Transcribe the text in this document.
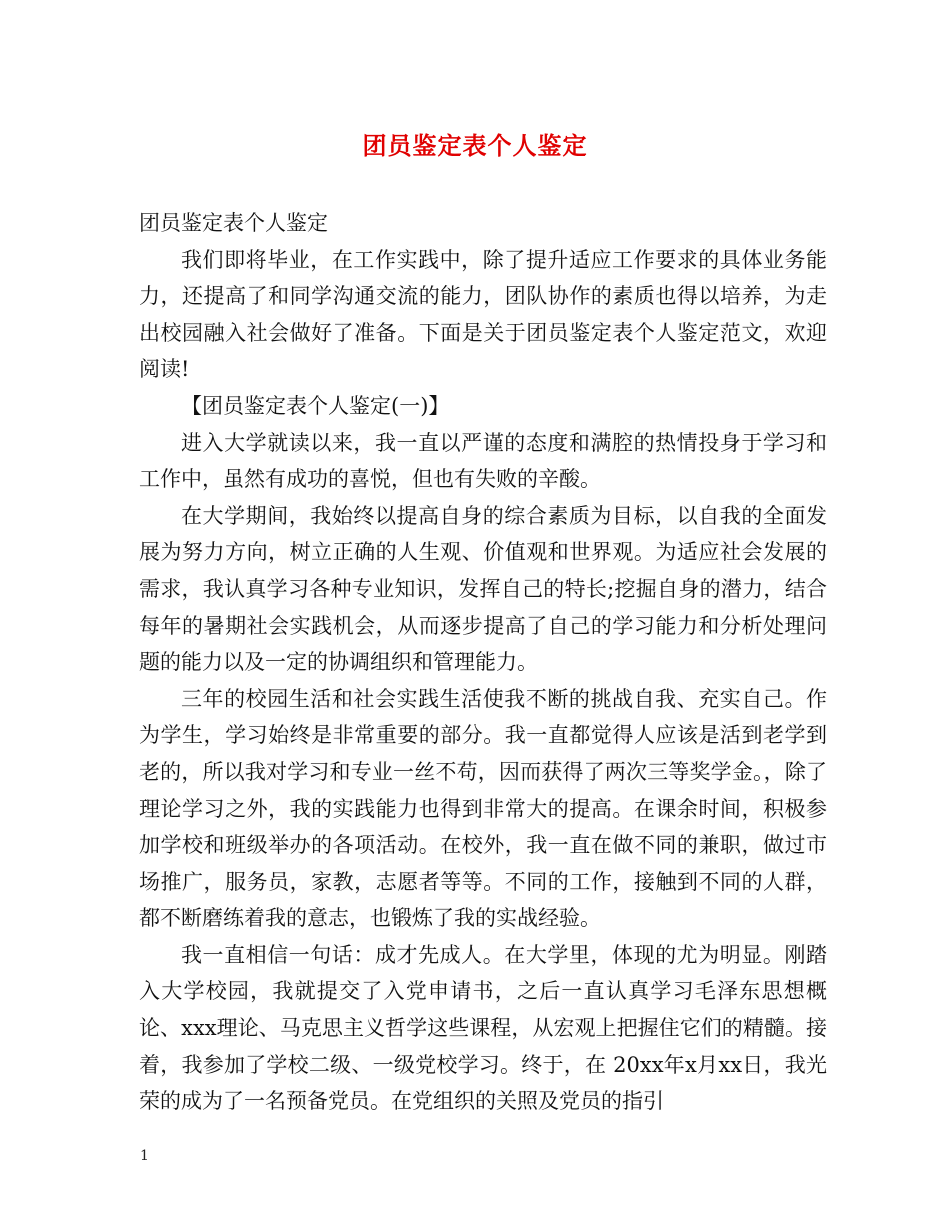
团员鉴定表个人鉴定

团员鉴定表个人鉴定

我们即将毕业，在工作实践中，除了提升适应工作要求的具体业务能力，还提高了和同学沟通交流的能力，团队协作的素质也得以培养，为走出校园融入社会做好了准备。下面是关于团员鉴定表个人鉴定范文，欢迎阅读!

【团员鉴定表个人鉴定(一)】

进入大学就读以来，我一直以严谨的态度和满腔的热情投身于学习和工作中，虽然有成功的喜悦，但也有失败的辛酸。

在大学期间，我始终以提高自身的综合素质为目标，以自我的全面发展为努力方向，树立正确的人生观、价值观和世界观。为适应社会发展的需求，我认真学习各种专业知识，发挥自己的特长;挖掘自身的潜力，结合每年的暑期社会实践机会，从而逐步提高了自己的学习能力和分析处理问题的能力以及一定的协调组织和管理能力。

三年的校园生活和社会实践生活使我不断的挑战自我、充实自己。作为学生，学习始终是非常重要的部分。我一直都觉得人应该是活到老学到老的，所以我对学习和专业一丝不苟，因而获得了两次三等奖学金。，除了理论学习之外，我的实践能力也得到非常大的提高。在课余时间，积极参加学校和班级举办的各项活动。在校外，我一直在做不同的兼职，做过市场推广，服务员，家教，志愿者等等。不同的工作，接触到不同的人群，都不断磨练着我的意志，也锻炼了我的实战经验。

我一直相信一句话：成才先成人。在大学里，体现的尤为明显。刚踏入大学校园，我就提交了入党申请书，之后一直认真学习毛泽东思想概论、xxx理论、马克思主义哲学这些课程，从宏观上把握住它们的精髓。接着，我参加了学校二级、一级党校学习。终于，在 20xx年x月xx日，我光荣的成为了一名预备党员。在党组织的关照及党员的指引

1
